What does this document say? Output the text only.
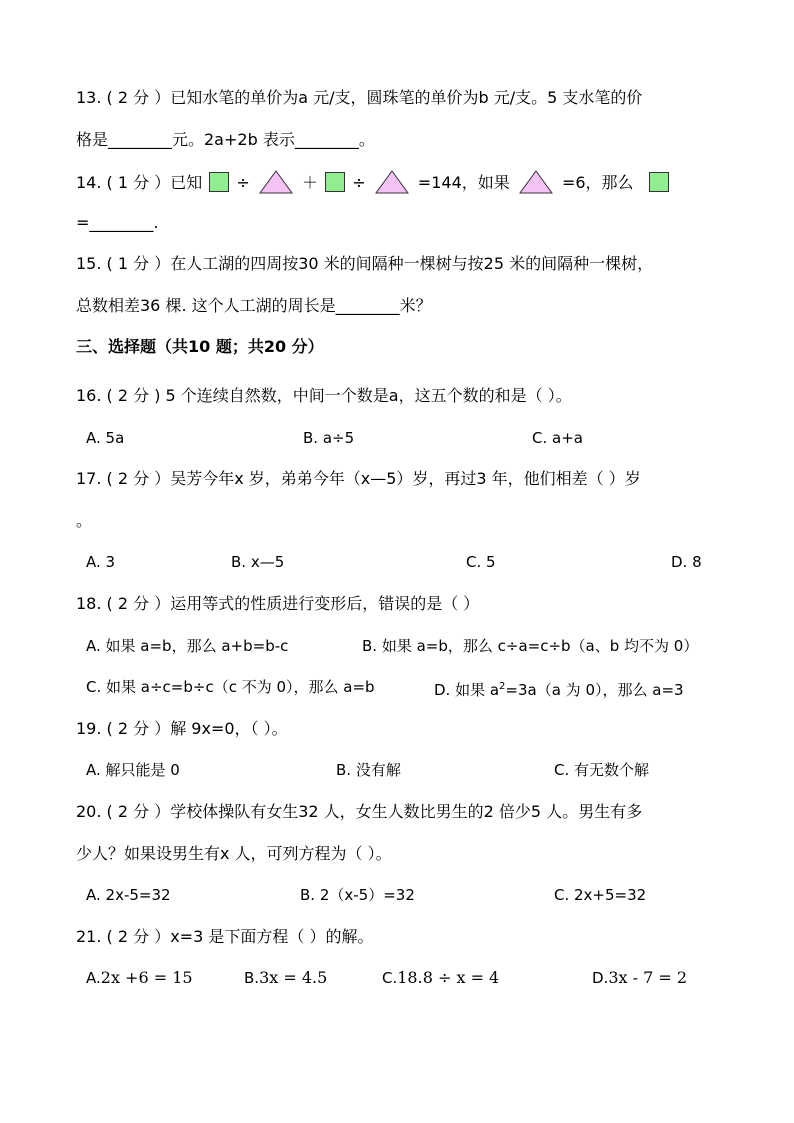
13. ( 2 分 ）已知水笔的单价为a 元/支，圆珠笔的单价为b 元/支。5 支水笔的价
格是________元。2a+2b 表示________。
14. ( 1 分 ）已知 ÷	＋ ÷	=144，如果	=6，那么
=________.
15. ( 1 分 ）在人工湖的四周按30 米的间隔种一棵树与按25 米的间隔种一棵树，
总数相差36 棵. 这个人工湖的周长是________米？
三、选择题（共10 题；共20 分）
16. ( 2 分 ) 5 个连续自然数，中间一个数是a，这五个数的和是（ ）。
A. 5a	B. a÷5	C. a+a
17. ( 2 分 ）吴芳今年x 岁，弟弟今年（x—5）岁，再过3 年，他们相差（ ）岁
。
A. 3	B. x—5	C. 5	D. 8
18. ( 2 分 ）运用等式的性质进行变形后，错误的是（ ）
A. 如果 a=b，那么 a+b=b-c	B. 如果 a=b，那么 c÷a=c÷b（a、b 均不为 0）
C. 如果 a÷c=b÷c（c 不为 0），那么 a=b	D. 如果 $a^2=3a(a$ 为 0），那么 a=3
19. ( 2 分 ）解 9x=0，（ ）。
A. 解只能是 0	B. 没有解	C. 有无数个解
20. ( 2 分 ）学校体操队有女生32 人，女生人数比男生的2 倍少5 人。男生有多
少人？如果设男生有x 人，可列方程为（ ）。
A. 2x-5=32	B. 2（x-5）=32	C. 2x+5=32
21. ( 2 分 ）x=3 是下面方程（ ）的解。
A.2x +6 = 15	B.3x = 4.5	C.18.8 ÷ x = 4	D.3x - 7 = 2
